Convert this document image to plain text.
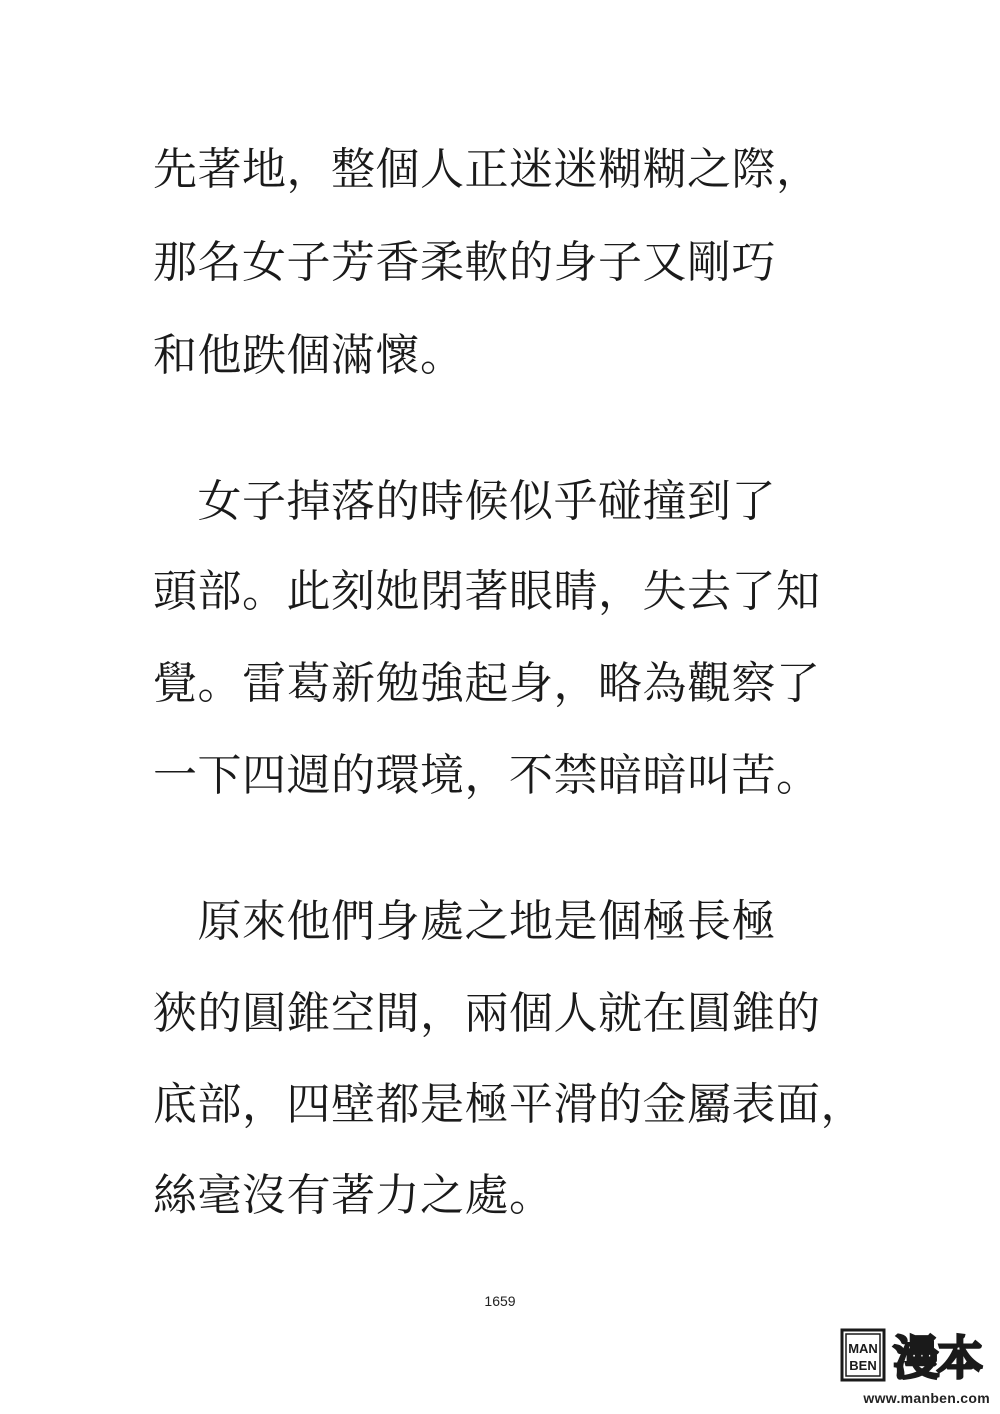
先著地，整個人正迷迷糊糊之際，
那名女子芳香柔軟的身子又剛巧
和他跌個滿懷。
　女子掉落的時候似乎碰撞到了
頭部。此刻她閉著眼睛，失去了知
覺。雷葛新勉強起身，略為觀察了
一下四週的環境，不禁暗暗叫苦。
　原來他們身處之地是個極長極
狹的圓錐空間，兩個人就在圓錐的
底部，四壁都是極平滑的金屬表面，
絲毫沒有著力之處。
1659
MAN
BEN 漫本
www.manben.com
